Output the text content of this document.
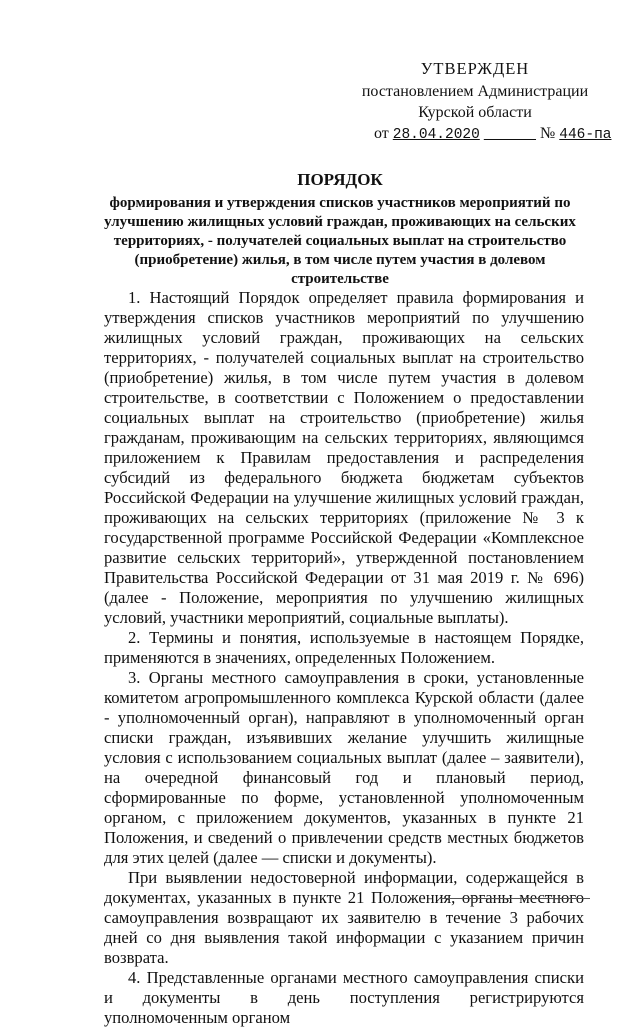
УТВЕРЖДЕН
постановлением Администрации
Курской области
от 28.04.2020	№ 446-па
ПОРЯДОК
формирования и утверждения списков участников мероприятий по улучшению жилищных условий граждан, проживающих на сельских территориях, - получателей социальных выплат на строительство (приобретение) жилья, в том числе путем участия в долевом строительстве

1. Настоящий Порядок определяет правила формирования и утверждения списков участников мероприятий по улучшению жилищных условий граждан, проживающих на сельских территориях, - получателей социальных выплат на строительство (приобретение) жилья, в том числе путем участия в долевом строительстве, в соответствии с Положением о предоставлении социальных выплат на строительство (приобретение) жилья гражданам, проживающим на сельских территориях, являющимся приложением к Правилам предоставления и распределения субсидий из федерального бюджета бюджетам субъектов Российской Федерации на улучшение жилищных условий граждан, проживающих на сельских территориях (приложение № 3 к государственной программе Российской Федерации «Комплексное развитие сельских территорий», утвержденной постановлением Правительства Российской Федерации от 31 мая 2019 г. № 696) (далее - Положение, мероприятия по улучшению жилищных условий, участники мероприятий, социальные выплаты).

2. Термины и понятия, используемые в настоящем Порядке, применяются в значениях, определенных Положением.

3. Органы местного самоуправления в сроки, установленные комитетом агропромышленного комплекса Курской области (далее - уполномоченный орган), направляют в уполномоченный орган списки граждан, изъявивших желание улучшить жилищные условия с использованием социальных выплат (далее – заявители), на очередной финансовый год и плановый период, сформированные по форме, установленной уполномоченным органом, с приложением документов, указанных в пункте 21 Положения, и сведений о привлечении средств местных бюджетов для этих целей (далее — списки и документы).

При выявлении недостоверной информации, содержащейся в документах, указанных в пункте 21 Положения, органы местного самоуправления возвращают их заявителю в течение 3 рабочих дней со дня выявления такой информации с указанием причин возврата.

4. Представленные органами местного самоуправления списки и документы в день поступления регистрируются уполномоченным органом
